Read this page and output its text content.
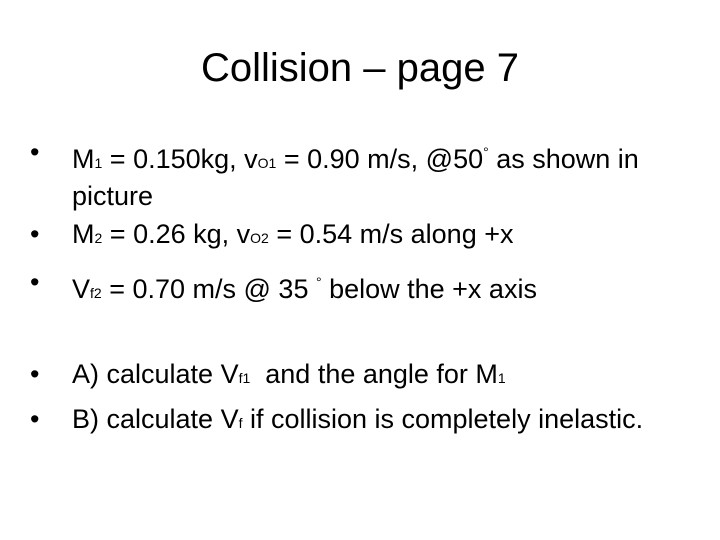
Collision – page 7
•	M1 = 0.150kg, vO1 = 0.90 m/s, @50° as shown in picture
•	M2 = 0.26 kg, vO2 = 0.54 m/s along +x
•	Vf2 = 0.70 m/s @ 35 ° below the +x axis
•	A) calculate Vf1  and the angle for M1
•	B) calculate Vf if collision is completely inelastic.
